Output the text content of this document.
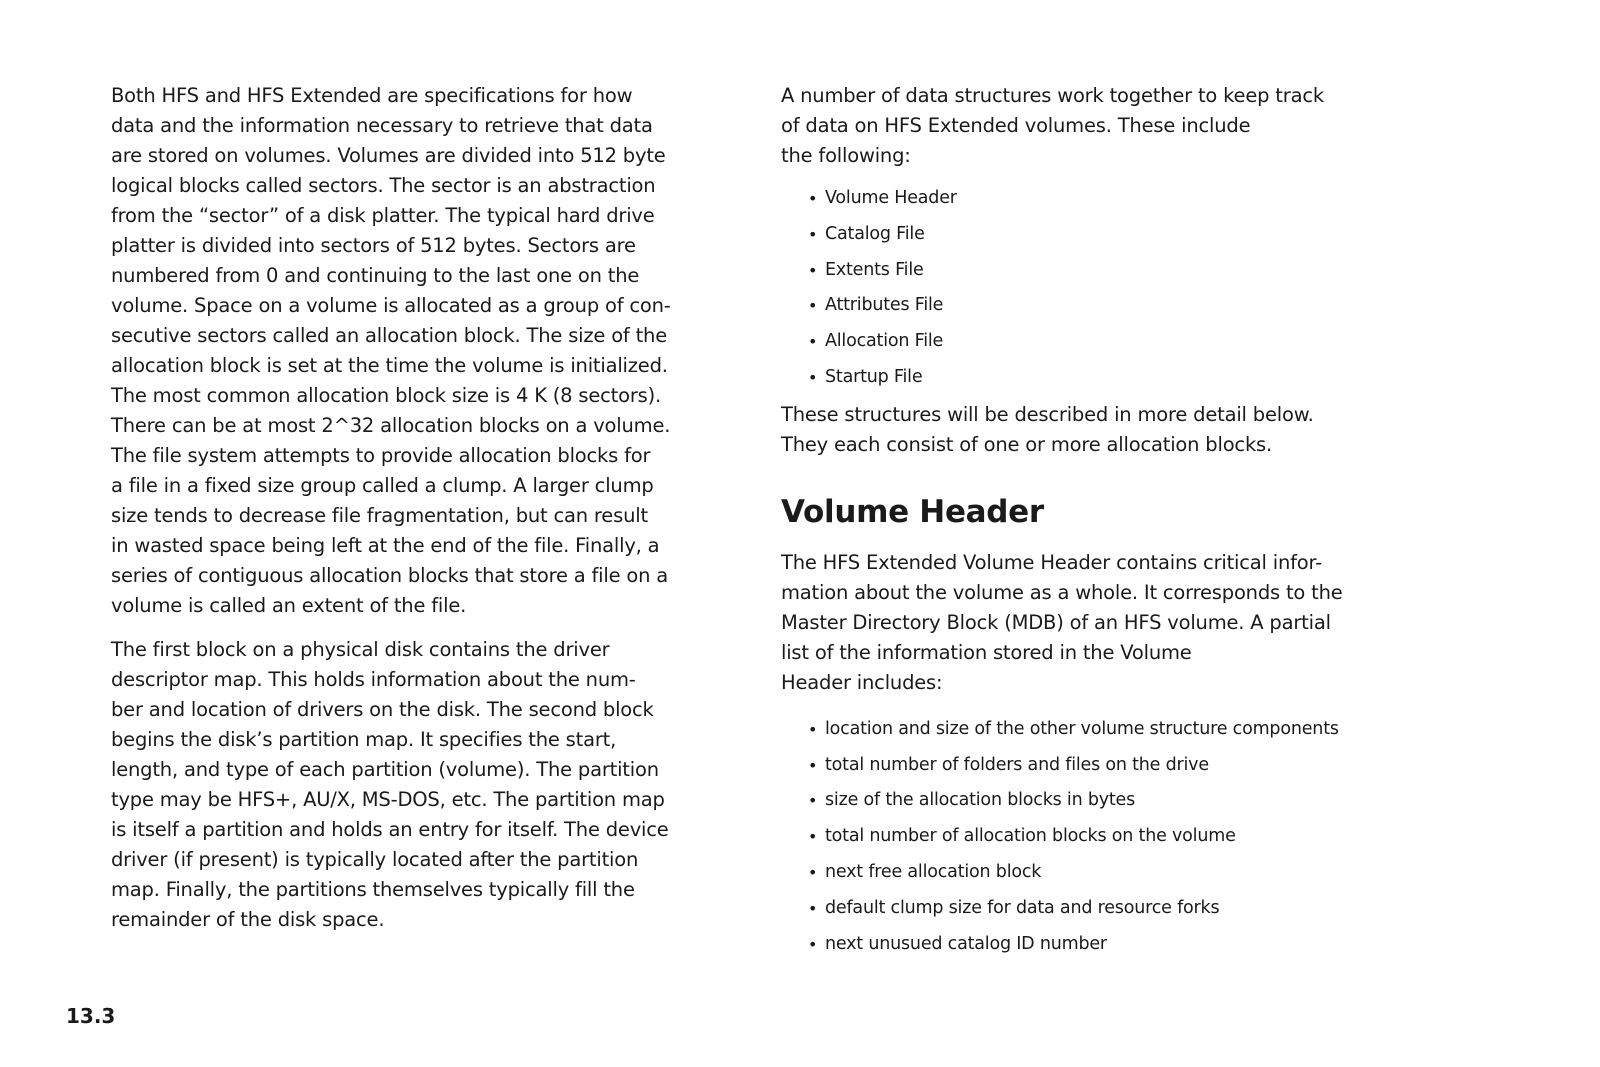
Both HFS and HFS Extended are specifications for how
data and the information necessary to retrieve that data
are stored on volumes. Volumes are divided into 512 byte
logical blocks called sectors. The sector is an abstraction
from the “sector” of a disk platter. The typical hard drive
platter is divided into sectors of 512 bytes. Sectors are
numbered from 0 and continuing to the last one on the
volume. Space on a volume is allocated as a group of con-
secutive sectors called an allocation block. The size of the
allocation block is set at the time the volume is initialized.
The most common allocation block size is 4 K (8 sectors).
There can be at most 2^32 allocation blocks on a volume.
The file system attempts to provide allocation blocks for
a file in a fixed size group called a clump. A larger clump
size tends to decrease file fragmentation, but can result
in wasted space being left at the end of the file. Finally, a
series of contiguous allocation blocks that store a file on a
volume is called an extent of the file.

The first block on a physical disk contains the driver
descriptor map. This holds information about the num-
ber and location of drivers on the disk. The second block
begins the disk’s partition map. It specifies the start,
length, and type of each partition (volume). The partition
type may be HFS+, AU/X, MS-DOS, etc. The partition map
is itself a partition and holds an entry for itself. The device
driver (if present) is typically located after the partition
map. Finally, the partitions themselves typically fill the
remainder of the disk space.

A number of data structures work together to keep track
of data on HFS Extended volumes. These include
the following:

• Volume Header
• Catalog File
• Extents File
• Attributes File
• Allocation File
• Startup File

These structures will be described in more detail below.
They each consist of one or more allocation blocks.

Volume Header

The HFS Extended Volume Header contains critical infor-
mation about the volume as a whole. It corresponds to the
Master Directory Block (MDB) of an HFS volume. A partial
list of the information stored in the Volume
Header includes:

• location and size of the other volume structure components
• total number of folders and files on the drive
• size of the allocation blocks in bytes
• total number of allocation blocks on the volume
• next free allocation block
• default clump size for data and resource forks
• next unusued catalog ID number
13.3
